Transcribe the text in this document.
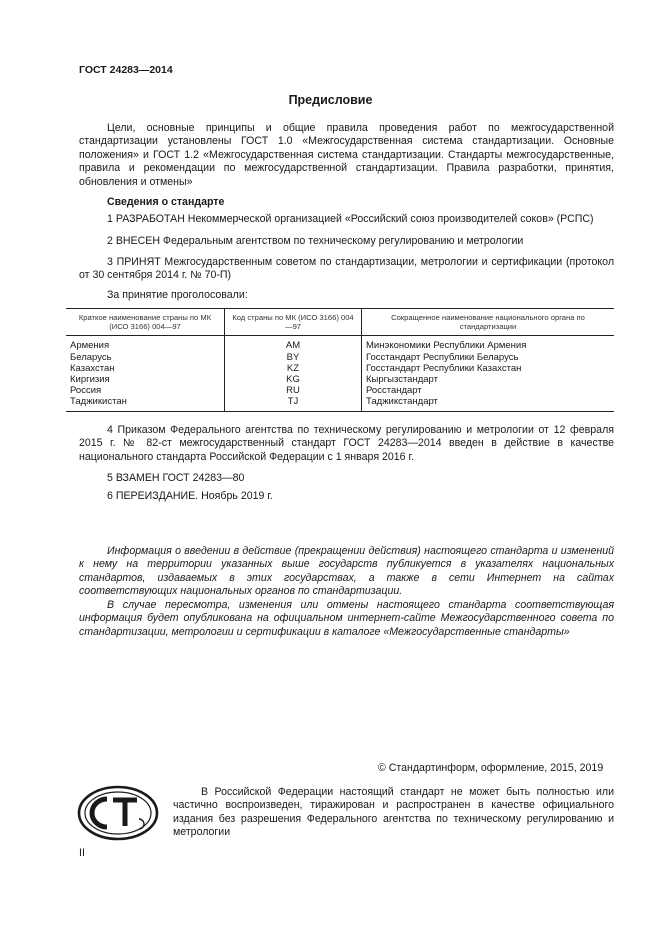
ГОСТ 24283—2014
Предисловие
Цели, основные принципы и общие правила проведения работ по межгосударственной стандартизации установлены ГОСТ 1.0 «Межгосударственная система стандартизации. Основные положения» и ГОСТ 1.2 «Межгосударственная система стандартизации. Стандарты межгосударственные, правила и рекомендации по межгосударственной стандартизации. Правила разработки, принятия, обновления и отмены»
Сведения о стандарте
1 РАЗРАБОТАН Некоммерческой организацией «Российский союз производителей соков» (РСПС)
2 ВНЕСЕН Федеральным агентством по техническому регулированию и метрологии
3 ПРИНЯТ Межгосударственным советом по стандартизации, метрологии и сертификации (протокол от 30 сентября 2014 г. № 70-П)
За принятие проголосовали:
Краткое наименование страны по МК (ИСО 3166) 004—97	Код страны по МК (ИСО 3166) 004—97	Сокращенное наименование национального органа по стандартизации
Армения	AM	Минэкономики Республики Армения
Беларусь	BY	Госстандарт Республики Беларусь
Казахстан	KZ	Госстандарт Республики Казахстан
Киргизия	KG	Кыргызстандарт
Россия	RU	Росстандарт
Таджикистан	TJ	Таджикстандарт
4 Приказом Федерального агентства по техническому регулированию и метрологии от 12 февраля 2015 г. № 82-ст межгосударственный стандарт ГОСТ 24283—2014 введен в действие в качестве национального стандарта Российской Федерации с 1 января 2016 г.
5 ВЗАМЕН ГОСТ 24283—80
6 ПЕРЕИЗДАНИЕ. Ноябрь 2019 г.
Информация о введении в действие (прекращении действия) настоящего стандарта и изменений к нему на территории указанных выше государств публикуется в указателях национальных стандартов, издаваемых в этих государствах, а также в сети Интернет на сайтах соответствующих национальных органов по стандартизации.
В случае пересмотра, изменения или отмены настоящего стандарта соответствующая информация будет опубликована на официальном интернет-сайте Межгосударственного совета по стандартизации, метрологии и сертификации в каталоге «Межгосударственные стандарты»
© Стандартинформ, оформление, 2015, 2019
В Российской Федерации настоящий стандарт не может быть полностью или частично воспроизведен, тиражирован и распространен в качестве официального издания без разрешения Федерального агентства по техническому регулированию и метрологии
II
